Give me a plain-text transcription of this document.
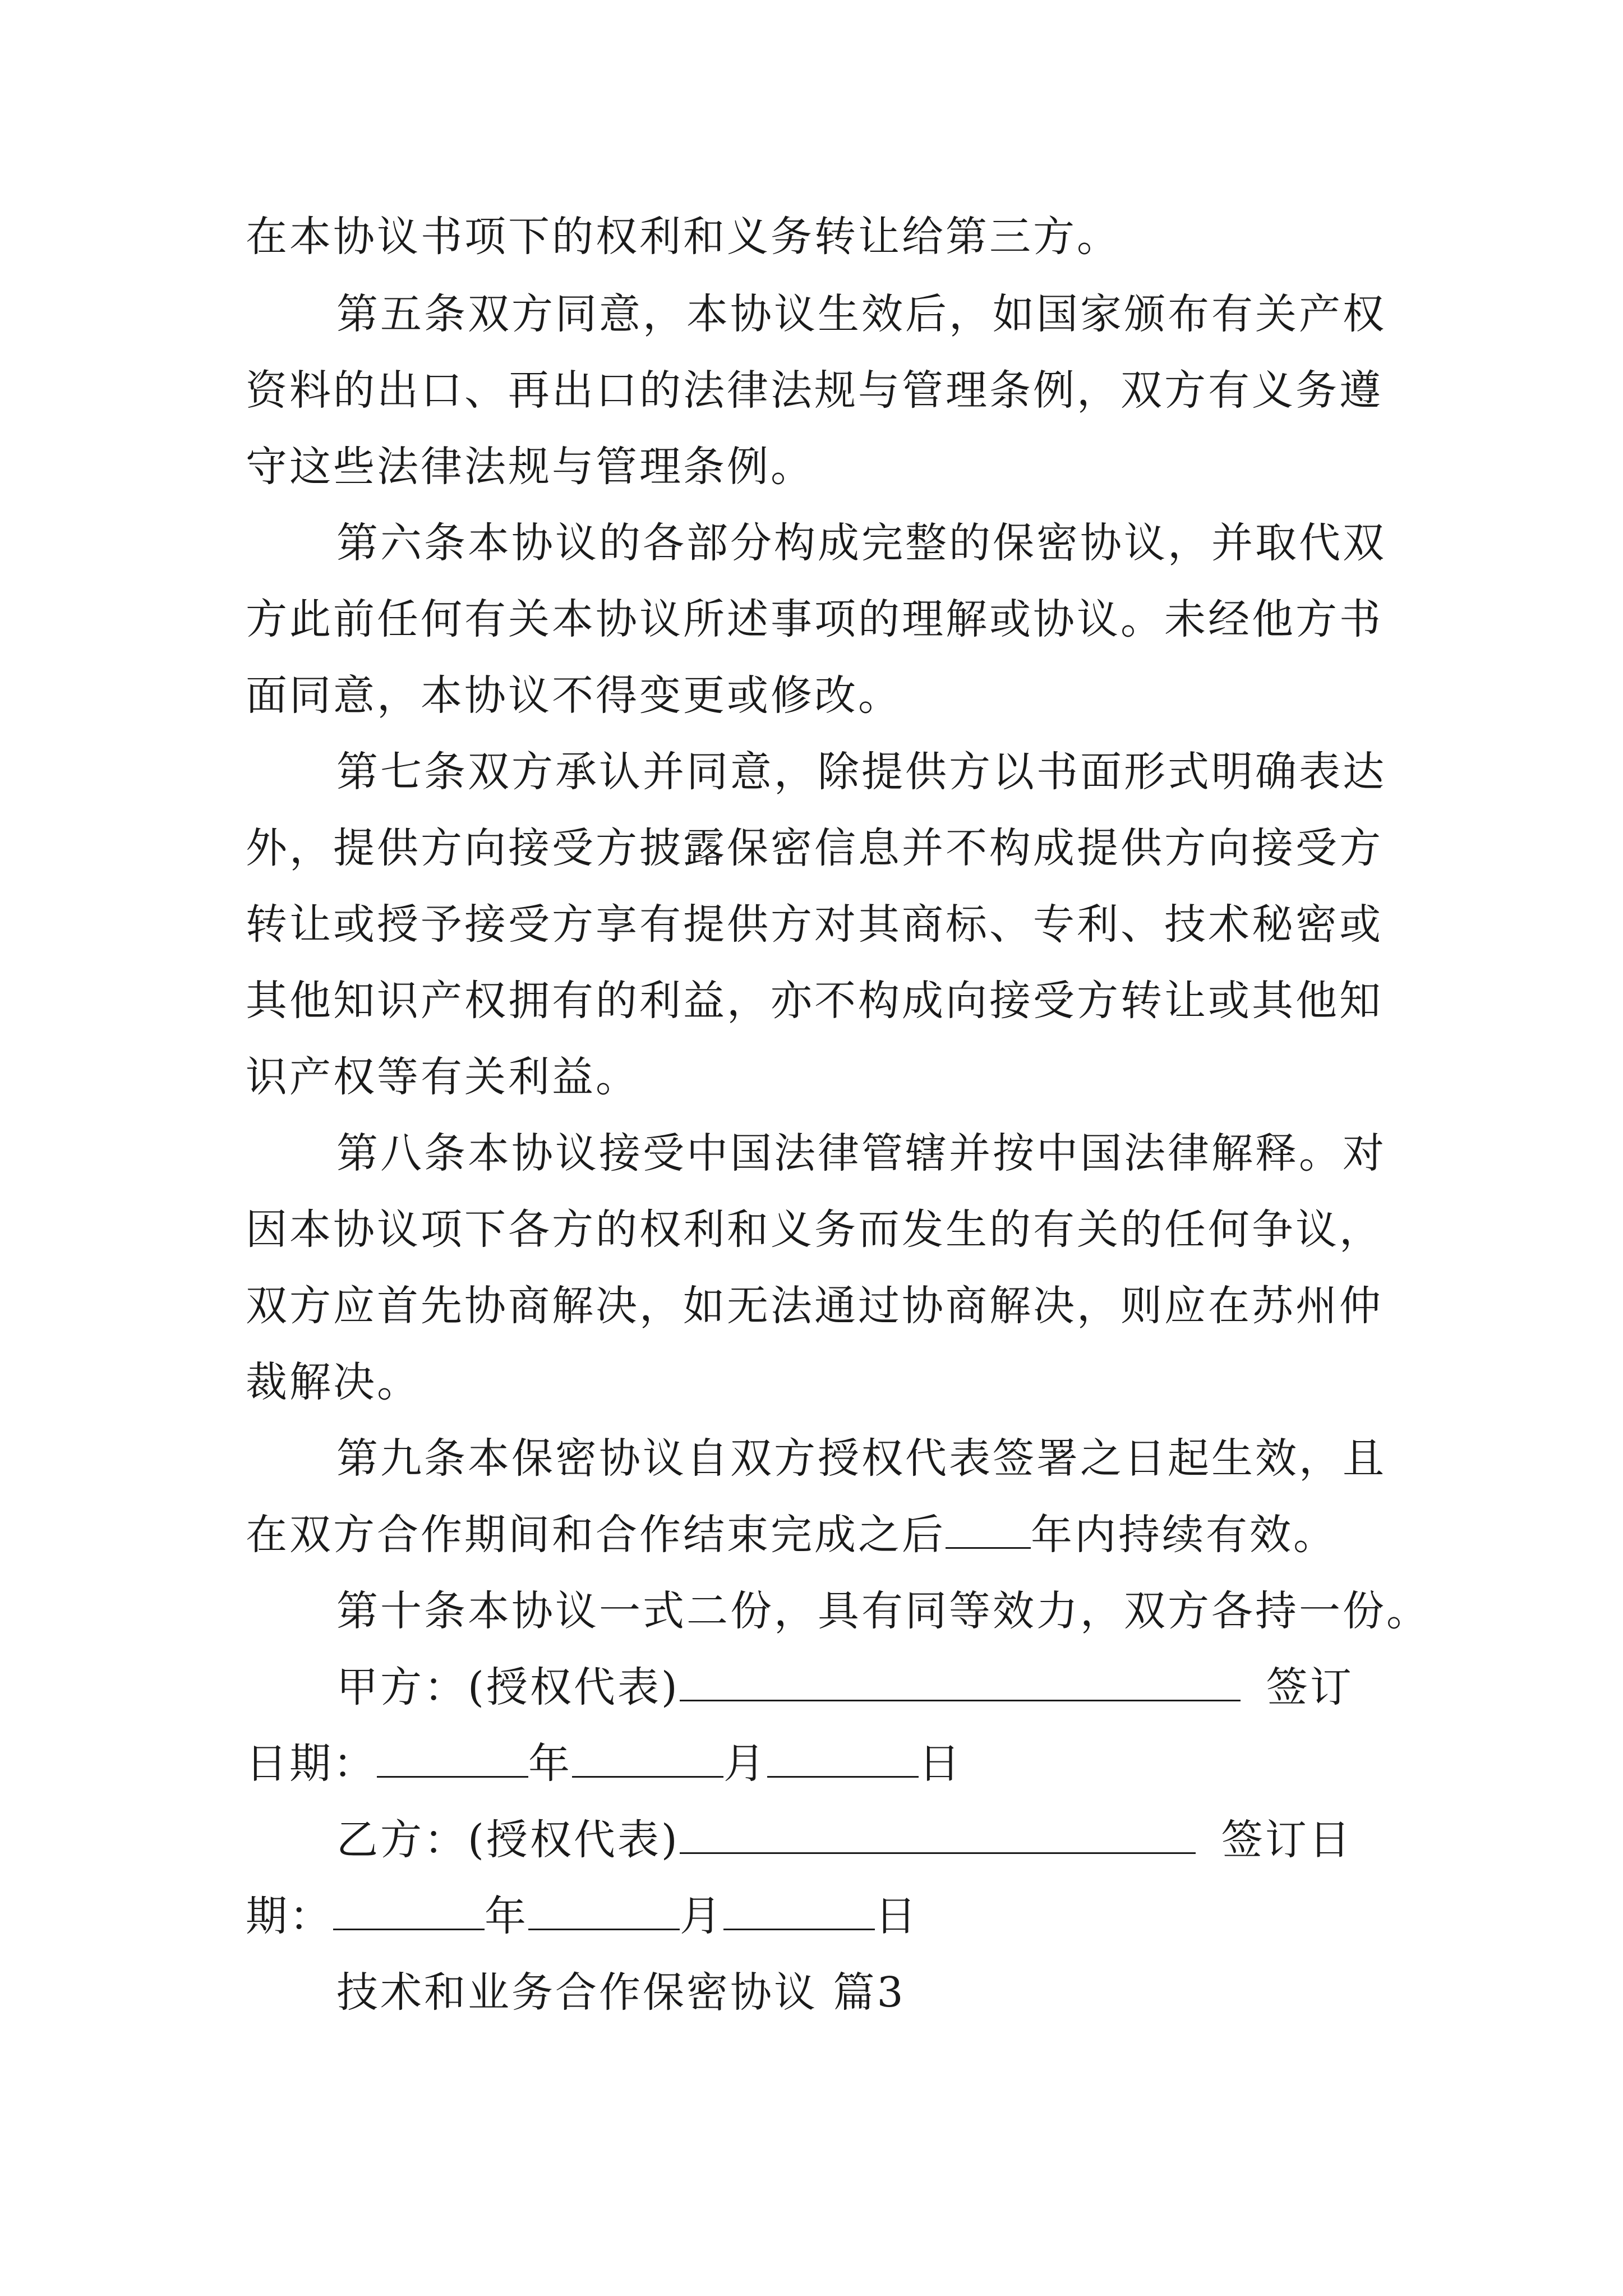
在本协议书项下的权利和义务转让给第三方。
第五条双方同意，本协议生效后，如国家颁布有关产权
资料的出口、再出口的法律法规与管理条例，双方有义务遵
守这些法律法规与管理条例。
第六条本协议的各部分构成完整的保密协议，并取代双
方此前任何有关本协议所述事项的理解或协议。未经他方书
面同意，本协议不得变更或修改。
第七条双方承认并同意，除提供方以书面形式明确表达
外，提供方向接受方披露保密信息并不构成提供方向接受方
转让或授予接受方享有提供方对其商标、专利、技术秘密或
其他知识产权拥有的利益，亦不构成向接受方转让或其他知
识产权等有关利益。
第八条本协议接受中国法律管辖并按中国法律解释。对
因本协议项下各方的权利和义务而发生的有关的任何争议，
双方应首先协商解决，如无法通过协商解决，则应在苏州仲
裁解决。
第九条本保密协议自双方授权代表签署之日起生效，且
在双方合作期间和合作结束完成之后 年内持续有效。
第十条本协议一式二份，具有同等效力，双方各持一份。
甲方：(授权代表)	签订
日期：	年	月	日
乙方：(授权代表)	签订日
期：	年	月	日
技术和业务合作保密协议 篇3
